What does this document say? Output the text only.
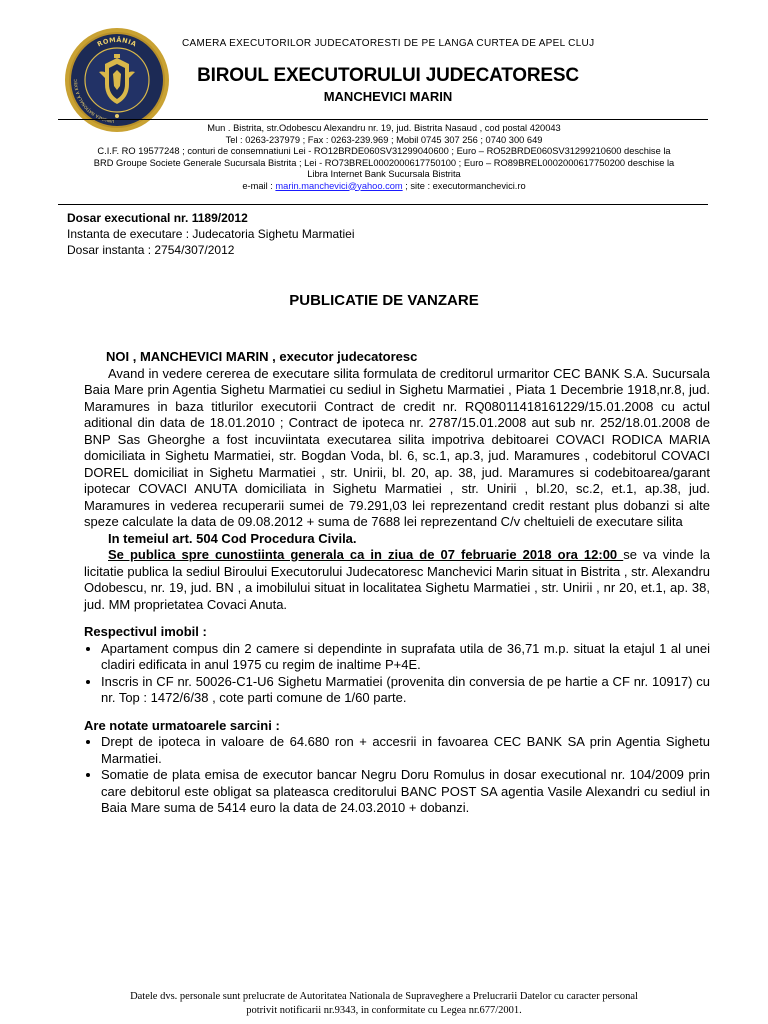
ROMÂNIA
UNIUNEA NAȚIONALĂ A EXEC
CAMERA EXECUTORILOR JUDECATORESTI DE PE LANGA CURTEA DE APEL CLUJ
BIROUL EXECUTORULUI JUDECATORESC
MANCHEVICI MARIN
Mun . Bistrita, str.Odobescu Alexandru nr. 19, jud. Bistrita Nasaud , cod postal 420043
Tel : 0263-237979 ; Fax : 0263-239.969 ; Mobil 0745 307 256 ; 0740 300 649
C.I.F. RO 19577248 ; conturi de consemnatiuni Lei - RO12BRDE060SV31299040600 ; Euro – RO52BRDE060SV31299210600 deschise la
BRD Groupe Societe Generale Sucursala Bistrita ; Lei - RO73BREL0002000617750100 ; Euro – RO89BREL0002000617750200 deschise la
Libra Internet Bank Sucursala Bistrita
e-mail : marin.manchevici@yahoo.com ; site : executormanchevici.ro
Dosar executional nr. 1189/2012
Instanta de executare : Judecatoria Sighetu Marmatiei
Dosar instanta : 2754/307/2012
PUBLICATIE DE VANZARE

NOI , MANCHEVICI MARIN , executor judecatoresc

Avand in vedere cererea de executare silita formulata de creditorul urmaritor CEC BANK S.A. Sucursala Baia Mare prin Agentia Sighetu Marmatiei cu sediul in Sighetu Marmatiei , Piata 1 Decembrie 1918,nr.8, jud. Maramures in baza titlurilor executorii Contract de credit nr. RQ08011418161229/15.01.2008 cu actul aditional din data de 18.01.2010 ; Contract de ipoteca nr. 2787/15.01.2008 aut sub nr. 252/18.01.2008 de BNP Sas Gheorghe a fost incuviintata executarea silita impotriva debitoarei COVACI RODICA MARIA domiciliata in Sighetu Marmatiei, str. Bogdan Voda, bl. 6, sc.1, ap.3, jud. Maramures , codebitorul COVACI DOREL domiciliat in Sighetu Marmatiei , str. Unirii, bl. 20, ap. 38, jud. Maramures si codebitoarea/garant ipotecar COVACI ANUTA domiciliata in Sighetu Marmatiei , str. Unirii , bl.20, sc.2, et.1, ap.38, jud. Maramures in vederea recuperarii sumei de 79.291,03 lei reprezentand credit restant plus dobanzi si alte speze calculate la data de 09.08.2012 + suma de 7688 lei reprezentand C/v cheltuieli de executare silita

In temeiul art. 504 Cod Procedura Civila.

Se publica spre cunostiinta generala ca in ziua de 07 februarie 2018 ora 12:00 se va vinde la licitatie publica la sediul Biroului Executorului Judecatoresc Manchevici Marin situat in Bistrita , str. Alexandru Odobescu, nr. 19, jud. BN , a imobilului situat in localitatea Sighetu Marmatiei , str. Unirii , nr 20, et.1, ap. 38, jud. MM proprietatea Covaci Anuta.

Respectivul imobil :

• Apartament compus din 2 camere si dependinte in suprafata utila de 36,71 m.p. situat la etajul 1 al unei cladiri edificata in anul 1975 cu regim de inaltime P+4E.
• Inscris in CF nr. 50026-C1-U6 Sighetu Marmatiei (provenita din conversia de pe hartie a CF nr. 10917) cu nr. Top : 1472/6/38 , cote parti comune de 1/60 parte.

Are notate urmatoarele sarcini :

• Drept de ipoteca in valoare de 64.680 ron + accesrii in favoarea CEC BANK SA prin Agentia Sighetu Marmatiei.
• Somatie de plata emisa de executor bancar Negru Doru Romulus in dosar executional nr. 104/2009 prin care debitorul este obligat sa plateasca creditorului BANC POST SA agentia Vasile Alexandri cu sediul in Baia Mare suma de 5414 euro la data de 24.03.2010 + dobanzi.
Datele dvs. personale sunt prelucrate de Autoritatea Nationala de Supraveghere a Prelucrarii Datelor cu caracter personal
potrivit notificarii nr.9343, in conformitate cu Legea nr.677/2001.
